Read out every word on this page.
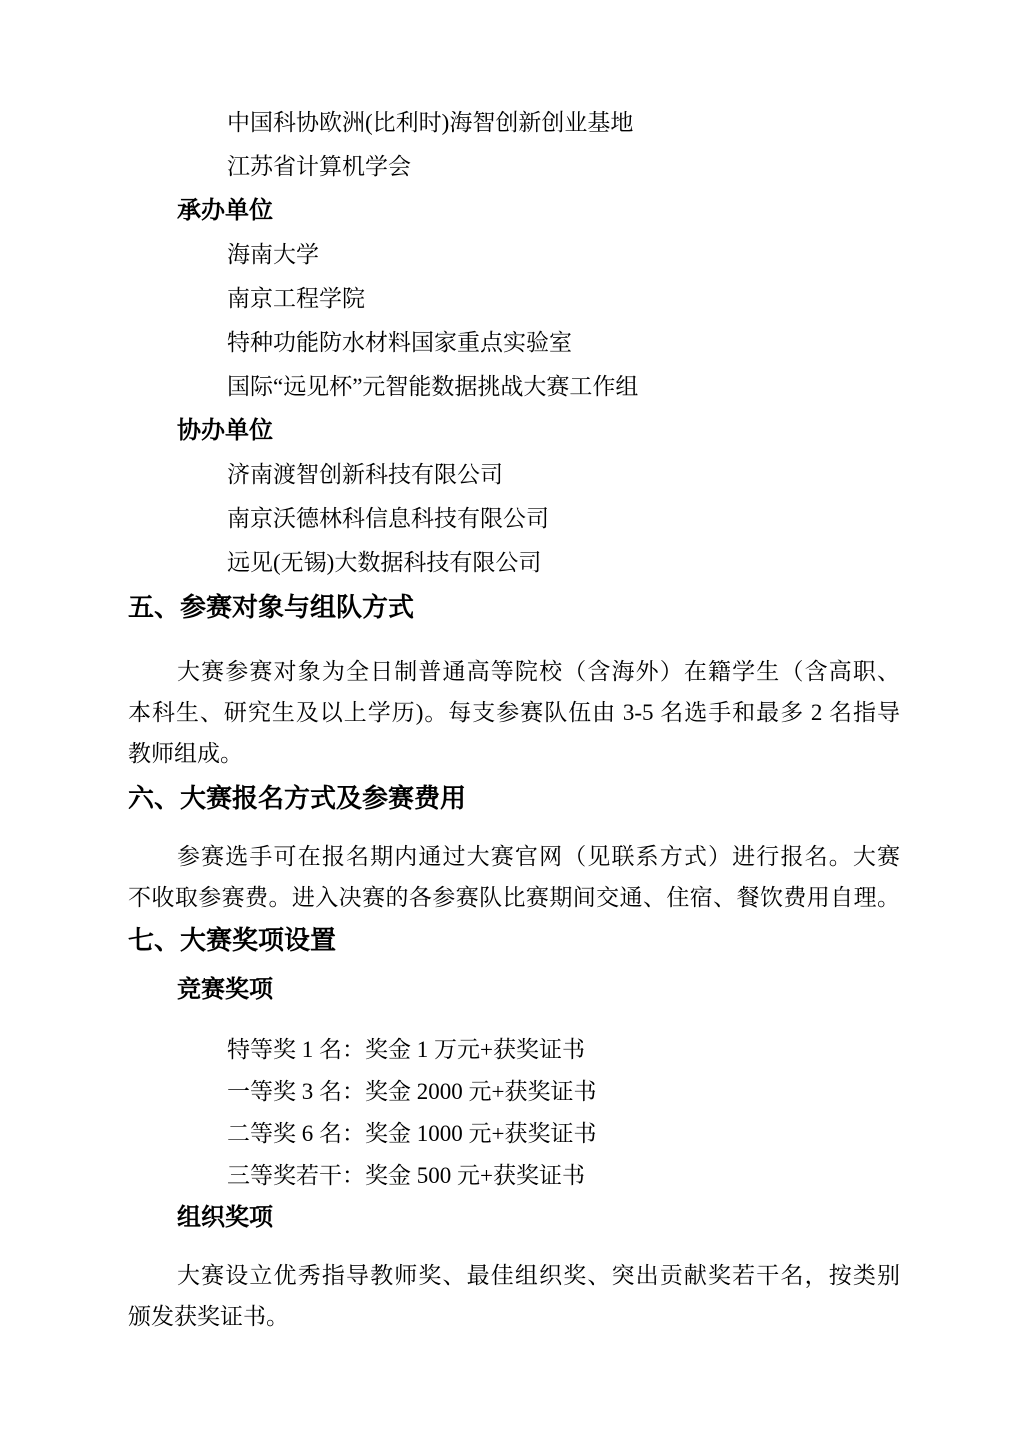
中国科协欧洲(比利时)海智创新创业基地
江苏省计算机学会
承办单位
海南大学
南京工程学院
特种功能防水材料国家重点实验室
国际“远见杯”元智能数据挑战大赛工作组
协办单位
济南渡智创新科技有限公司
南京沃德林科信息科技有限公司
远见(无锡)大数据科技有限公司
五、参赛对象与组队方式
大赛参赛对象为全日制普通高等院校（含海外）在籍学生（含高职、
本科生、研究生及以上学历)。每支参赛队伍由 3-5 名选手和最多 2 名指导
教师组成。
六、大赛报名方式及参赛费用
参赛选手可在报名期内通过大赛官网（见联系方式）进行报名。大赛
不收取参赛费。进入决赛的各参赛队比赛期间交通、住宿、餐饮费用自理。
七、大赛奖项设置
竞赛奖项
特等奖 1 名：奖金 1 万元+获奖证书
一等奖 3 名：奖金 2000 元+获奖证书
二等奖 6 名：奖金 1000 元+获奖证书
三等奖若干：奖金 500 元+获奖证书
组织奖项
大赛设立优秀指导教师奖、最佳组织奖、突出贡献奖若干名，按类别
颁发获奖证书。
